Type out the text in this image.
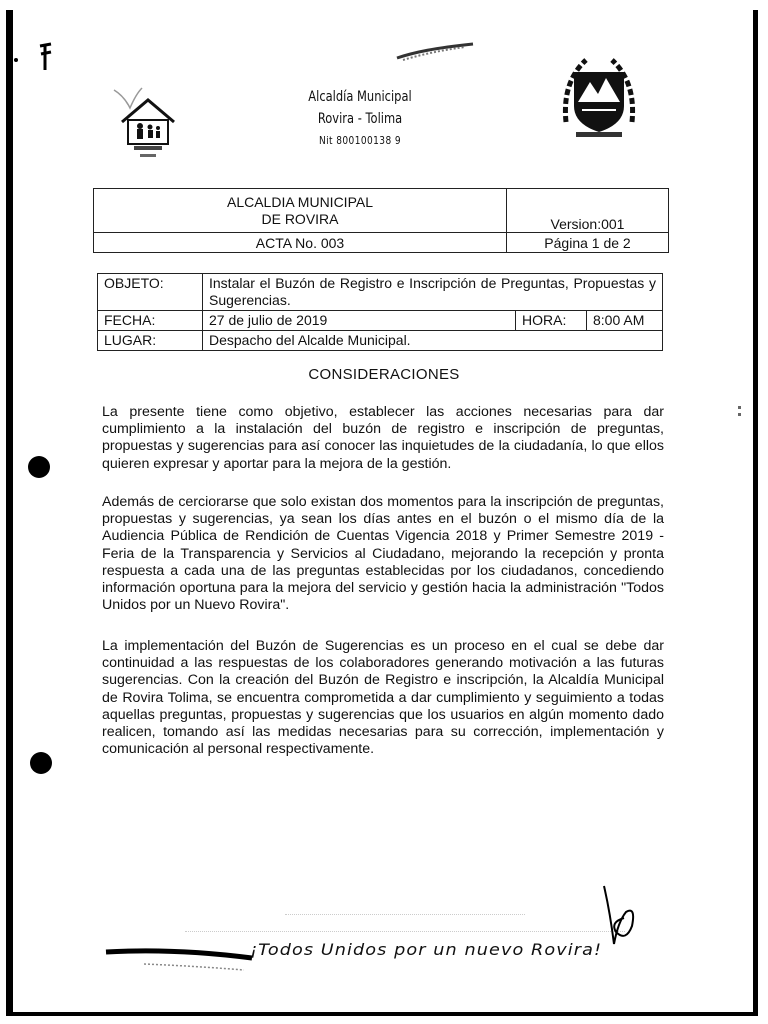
Alcaldía Municipal
Rovira - Tolima
Nit 800100138 9
ALCALDIA MUNICIPAL
DE ROVIRA	Version:001
ACTA No. 003	Página 1 de 2
OBJETO:	Instalar el Buzón de Registro e Inscripción de Preguntas, Propuestas y Sugerencias.		
FECHA:	27 de julio de 2019	HORA:	8:00 AM
LUGAR:	Despacho del Alcalde Municipal.		
CONSIDERACIONES
La presente tiene como objetivo, establecer las acciones necesarias para dar cumplimiento a la instalación del buzón de registro e inscripción de preguntas, propuestas y sugerencias para así conocer las inquietudes de la ciudadanía, lo que ellos quieren expresar y aportar para la mejora de la gestión.
Además de cerciorarse que solo existan dos momentos para la inscripción de preguntas, propuestas y sugerencias, ya sean los días antes en el buzón o el mismo día de la Audiencia Pública de Rendición de Cuentas Vigencia 2018 y Primer Semestre 2019 - Feria de la Transparencia y Servicios al Ciudadano, mejorando la recepción y pronta respuesta a cada una de las preguntas establecidas por los ciudadanos, concediendo información oportuna para la mejora del servicio y gestión hacia la administración "Todos Unidos por un Nuevo Rovira".
La implementación del Buzón de Sugerencias es un proceso en el cual se debe dar continuidad a las respuestas de los colaboradores generando motivación a las futuras sugerencias. Con la creación del Buzón de Registro e inscripción, la Alcaldía Municipal de Rovira Tolima, se encuentra comprometida a dar cumplimiento y seguimiento a todas aquellas preguntas, propuestas y sugerencias que los usuarios en algún momento dado realicen, tomando así las medidas necesarias para su corrección, implementación y comunicación al personal respectivamente.
¡Todos Unidos por un nuevo Rovira!
